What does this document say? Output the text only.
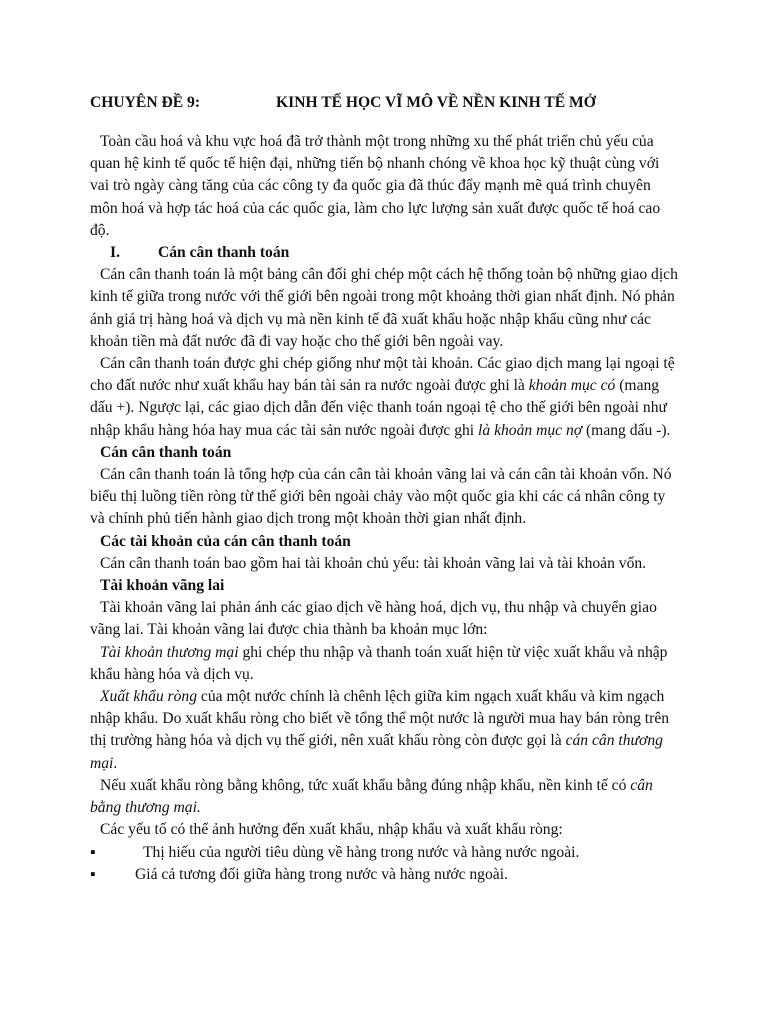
CHUYÊN ĐỀ 9:	KINH TẾ HỌC VĨ MÔ VỀ NỀN KINH TẾ MỞ

Toàn cầu hoá và khu vực hoá đã trở thành một trong những xu thế phát triển chủ yếu của quan hệ kinh tế quốc tế hiện đại, những tiến bộ nhanh chóng về khoa học kỹ thuật cùng với vai trò ngày càng tăng của các công ty đa quốc gia đã thúc đẩy mạnh mẽ quá trình chuyên môn hoá và hợp tác hoá của các quốc gia, làm cho lực lượng sản xuất được quốc tế hoá cao độ.

I. Cán cân thanh toán

Cán cân thanh toán là một bảng cân đối ghi chép một cách hệ thống toàn bộ những giao dịch kinh tế giữa trong nước với thế giới bên ngoài trong một khoảng thời gian nhất định. Nó phản ánh giá trị hàng hoá và dịch vụ mà nền kinh tế đã xuất khẩu hoặc nhập khẩu cũng như các khoản tiền mà đất nước đã đi vay hoặc cho thế giới bên ngoài vay.

Cán cân thanh toán được ghi chép giống như một tài khoản. Các giao dịch mang lại ngoại tệ cho đất nước như xuất khẩu hay bán tài sản ra nước ngoài được ghi là khoản mục có (mang dấu +). Ngược lại, các giao dịch dẫn đến việc thanh toán ngoại tệ cho thế giới bên ngoài như nhập khẩu hàng hóa hay mua các tài sản nước ngoài được ghi là khoản mục nợ (mang dấu -).

Cán cân thanh toán

Cán cân thanh toán là tổng hợp của cán cân tài khoản vãng lai và cán cân tài khoản vốn. Nó biểu thị luồng tiền ròng từ thế giới bên ngoài chảy vào một quốc gia khi các cá nhân công ty và chính phủ tiến hành giao dịch trong một khoản thời gian nhất định.

Các tài khoản của cán cân thanh toán

Cán cân thanh toán bao gồm hai tài khoản chủ yếu: tài khoản vãng lai và tài khoản vốn.

Tài khoản vãng lai

Tài khoản vãng lai phản ánh các giao dịch về hàng hoá, dịch vụ, thu nhập và chuyển giao vãng lai. Tài khoản vãng lai được chia thành ba khoản mục lớn:

Tài khoản thương mại ghi chép thu nhập và thanh toán xuất hiện từ việc xuất khẩu và nhập khẩu hàng hóa và dịch vụ.

Xuất khẩu ròng của một nước chính là chênh lệch giữa kim ngạch xuất khẩu và kim ngạch nhập khẩu. Do xuất khẩu ròng cho biết về tổng thể một nước là người mua hay bán ròng trên thị trường hàng hóa và dịch vụ thế giới, nên xuất khẩu ròng còn được gọi là cán cân thương mại.

Nếu xuất khẩu ròng bằng không, tức xuất khẩu bằng đúng nhập khẩu, nền kinh tế có cân bằng thương mại.

Các yếu tố có thể ảnh hưởng đến xuất khẩu, nhập khẩu và xuất khẩu ròng:

▪	Thị hiếu của người tiêu dùng về hàng trong nước và hàng nước ngoài.
▪	Giá cả tương đối giữa hàng trong nước và hàng nước ngoài.
